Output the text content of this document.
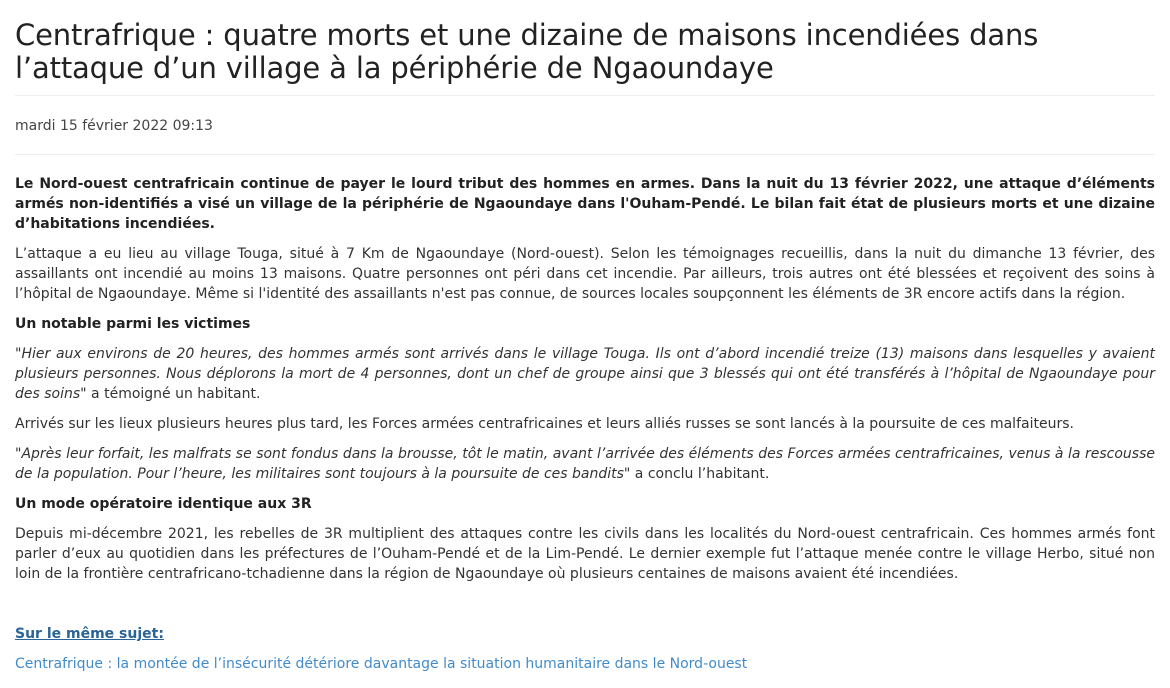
Centrafrique : quatre morts et une dizaine de maisons incendiées dans l’attaque d’un village à la périphérie de Ngaoundaye
mardi 15 février 2022 09:13

Le Nord-ouest centrafricain continue de payer le lourd tribut des hommes en armes. Dans la nuit du 13 février 2022, une attaque d’éléments armés non-identifiés a visé un village de la périphérie de Ngaoundaye dans l'Ouham-Pendé. Le bilan fait état de plusieurs morts et une dizaine d’habitations incendiées.

L’attaque a eu lieu au village Touga, situé à 7 Km de Ngaoundaye (Nord-ouest). Selon les témoignages recueillis, dans la nuit du dimanche 13 février, des assaillants ont incendié au moins 13 maisons. Quatre personnes ont péri dans cet incendie. Par ailleurs, trois autres ont été blessées et reçoivent des soins à l’hôpital de Ngaoundaye. Même si l'identité des assaillants n'est pas connue, de sources locales soupçonnent les éléments de 3R encore actifs dans la région.

Un notable parmi les victimes

"Hier aux environs de 20 heures, des hommes armés sont arrivés dans le village Touga. Ils ont d’abord incendié treize (13) maisons dans lesquelles y avaient plusieurs personnes. Nous déplorons la mort de 4 personnes, dont un chef de groupe ainsi que 3 blessés qui ont été transférés à l’hôpital de Ngaoundaye pour des soins" a témoigné un habitant.

Arrivés sur les lieux plusieurs heures plus tard, les Forces armées centrafricaines et leurs alliés russes se sont lancés à la poursuite de ces malfaiteurs.

"Après leur forfait, les malfrats se sont fondus dans la brousse, tôt le matin, avant l’arrivée des éléments des Forces armées centrafricaines, venus à la rescousse de la population. Pour l’heure, les militaires sont toujours à la poursuite de ces bandits" a conclu l’habitant.

Un mode opératoire identique aux 3R

Depuis mi-décembre 2021, les rebelles de 3R multiplient des attaques contre les civils dans les localités du Nord-ouest centrafricain. Ces hommes armés font parler d’eux au quotidien dans les préfectures de l’Ouham-Pendé et de la Lim-Pendé. Le dernier exemple fut l’attaque menée contre le village Herbo, situé non loin de la frontière centrafricano-tchadienne dans la région de Ngaoundaye où plusieurs centaines de maisons avaient été incendiées.

Sur le même sujet:

Centrafrique : la montée de l’insécurité détériore davantage la situation humanitaire dans le Nord-ouest
